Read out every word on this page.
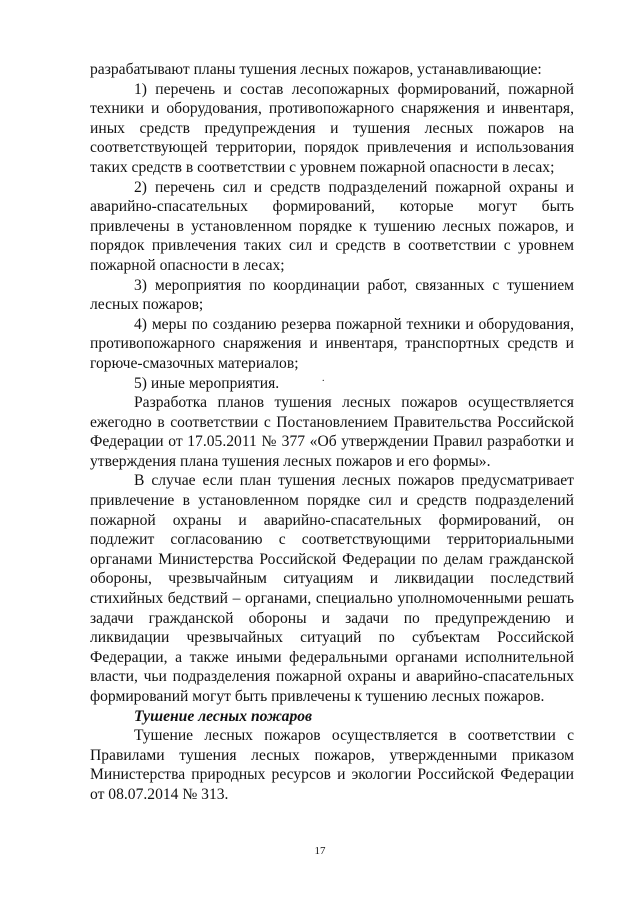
разрабатывают планы тушения лесных пожаров, устанавливающие:

1) перечень и состав лесопожарных формирований, пожарной техники и оборудования, противопожарного снаряжения и инвентаря, иных средств предупреждения и тушения лесных пожаров на соответствующей территории, порядок привлечения и использования таких средств в соответствии с уровнем пожарной опасности в лесах;

2) перечень сил и средств подразделений пожарной охраны и аварийно-спасательных формирований, которые могут быть привлечены в установленном порядке к тушению лесных пожаров, и порядок привлечения таких сил и средств в соответствии с уровнем пожарной опасности в лесах;

3) мероприятия по координации работ, связанных с тушением лесных пожаров;

4) меры по созданию резерва пожарной техники и оборудования, противопожарного снаряжения и инвентаря, транспортных средств и горюче-смазочных материалов;

5) иные мероприятия.

Разработка планов тушения лесных пожаров осуществляется ежегодно в соответствии с Постановлением Правительства Российской Федерации от 17.05.2011 № 377 «Об утверждении Правил разработки и утверждения плана тушения лесных пожаров и его формы».

В случае если план тушения лесных пожаров предусматривает привлечение в установленном порядке сил и средств подразделений пожарной охраны и аварийно-спасательных формирований, он подлежит согласованию с соответствующими территориальными органами Министерства Российской Федерации по делам гражданской обороны, чрезвычайным ситуациям и ликвидации последствий стихийных бедствий – органами, специально уполномоченными решать задачи гражданской обороны и задачи по предупреждению и ликвидации чрезвычайных ситуаций по субъектам Российской Федерации, а также иными федеральными органами исполнительной власти, чьи подразделения пожарной охраны и аварийно-спасательных формирований могут быть привлечены к тушению лесных пожаров.

Тушение лесных пожаров

Тушение лесных пожаров осуществляется в соответствии с Правилами тушения лесных пожаров, утвержденными приказом Министерства природных ресурсов и экологии Российской Федерации от 08.07.2014 № 313.

.
17
